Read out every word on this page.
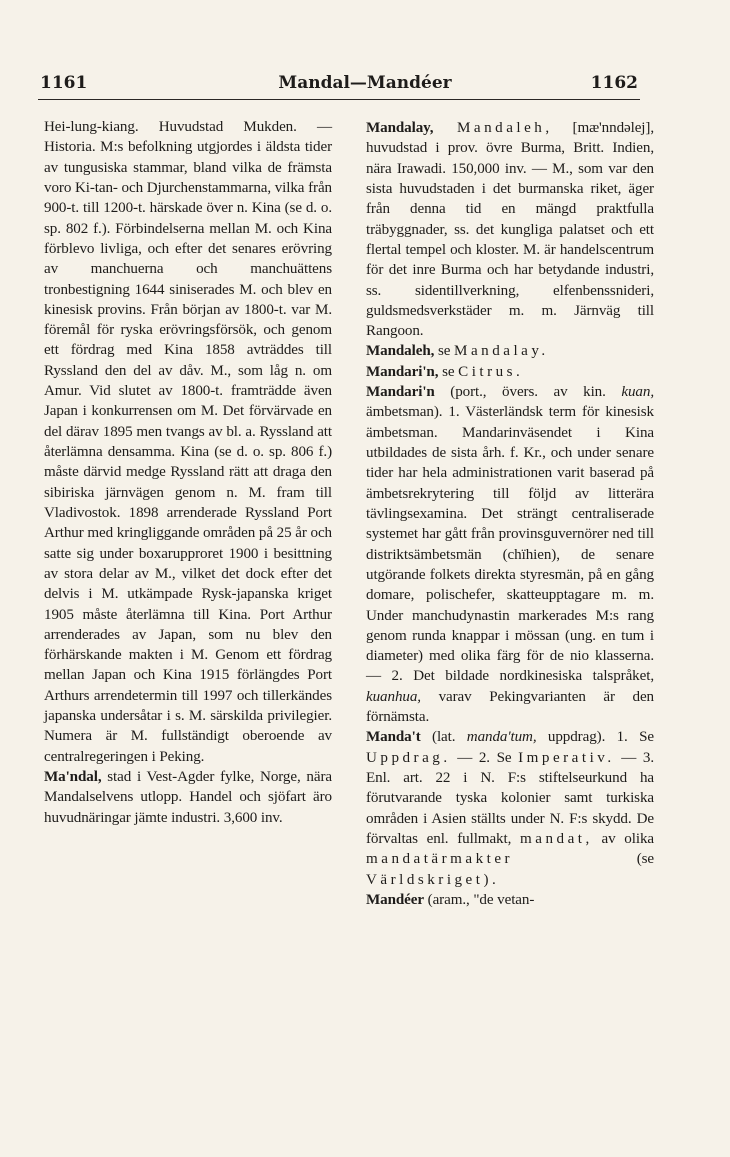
1161	Mandal—Mandéer	1162

Hei-lung-kiang. Huvudstad Mukden. — Historia. M:s befolkning utgjordes i äldsta tider av tungusiska stammar, bland vilka de främsta voro Ki-tan- och Djurchenstammarna, vilka från 900-t. till 1200-t. härskade över n. Kina (se d. o. sp. 802 f.). Förbindelserna mellan M. och Kina förblevo livliga, och efter det senares erövring av manchuerna och manchuättens tronbestigning 1644 siniserades M. och blev en kinesisk provins. Från början av 1800-t. var M. föremål för ryska erövringsförsök, och genom ett fördrag med Kina 1858 avträddes till Ryssland den del av dåv. M., som låg n. om Amur. Vid slutet av 1800-t. framträdde även Japan i konkurrensen om M. Det förvärvade en del därav 1895 men tvangs av bl. a. Ryssland att återlämna densamma. Kina (se d. o. sp. 806 f.) måste därvid medge Ryssland rätt att draga den sibiriska järnvägen genom n. M. fram till Vladivostok. 1898 arrenderade Ryssland Port Arthur med kringliggande områden på 25 år och satte sig under boxarupproret 1900 i besittning av stora delar av M., vilket det dock efter det delvis i M. utkämpade Rysk-japanska kriget 1905 måste återlämna till Kina. Port Arthur arrenderades av Japan, som nu blev den förhärskande makten i M. Genom ett fördrag mellan Japan och Kina 1915 förlängdes Port Arthurs arrendetermin till 1997 och tillerkändes japanska undersåtar i s. M. särskilda privilegier. Numera är M. fullständigt oberoende av centralregeringen i Peking.

Ma'ndal, stad i Vest-Agder fylke, Norge, nära Mandalselvens utlopp. Handel och sjöfart äro huvudnäringar jämte industri. 3,600 inv.

Mandalay, Mandaleh, [mæ'nndəlej], huvudstad i prov. övre Burma, Britt. Indien, nära Irawadi. 150,000 inv. — M., som var den sista huvudstaden i det burmanska riket, äger från denna tid en mängd praktfulla träbyggnader, ss. det kungliga palatset och ett flertal tempel och kloster. M. är handelscentrum för det inre Burma och har betydande industri, ss. sidentillverkning, elfenbenssnideri, guldsmedsverkstäder m. m. Järnväg till Rangoon.

Mandaleh, se Mandalay.

Mandari'n, se Citrus.

Mandari'n (port., övers. av kin. kuan, ämbetsman). 1. Västerländsk term för kinesisk ämbetsman. Mandarinväsendet i Kina utbildades de sista årh. f. Kr., och under senare tider har hela administrationen varit baserad på ämbetsrekrytering till följd av litterära tävlingsexamina. Det strängt centraliserade systemet har gått från provinsguvernörer ned till distriktsämbetsmän (chïhien), de senare utgörande folkets direkta styresmän, på en gång domare, polischefer, skatteupptagare m. m. Under manchudynastin markerades M:s rang genom runda knappar i mössan (ung. en tum i diameter) med olika färg för de nio klasserna. — 2. Det bildade nordkinesiska talspråket, kuanhua, varav Pekingvarianten är den förnämsta.

Manda't (lat. manda'tum, uppdrag). 1. Se Uppdrag. — 2. Se Imperativ. — 3. Enl. art. 22 i N. F:s stiftelseurkund ha förutvarande tyska kolonier samt turkiska områden i Asien ställts under N. F:s skydd. De förvaltas enl. fullmakt, mandat, av olika mandatärmakter (se Världskriget).

Mandéer (aram., "de vetan-
